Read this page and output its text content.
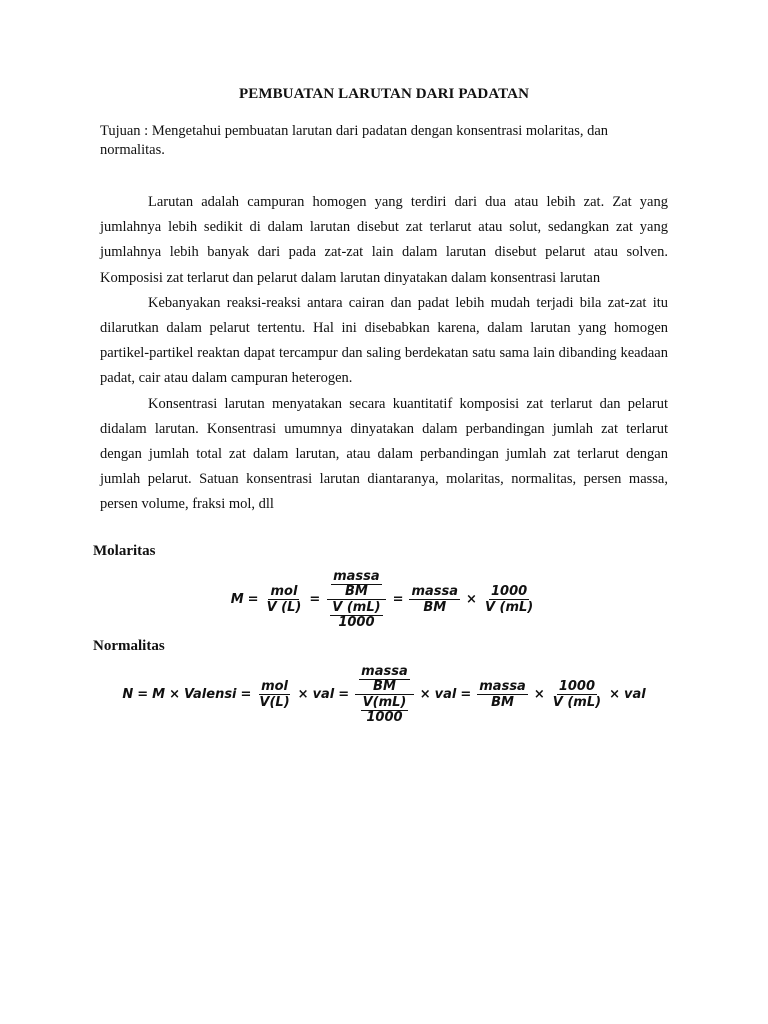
PEMBUATAN LARUTAN DARI PADATAN
Tujuan : Mengetahui pembuatan larutan dari padatan dengan konsentrasi molaritas, dan normalitas.

Larutan adalah campuran homogen yang terdiri dari dua atau lebih zat. Zat yang jumlahnya lebih sedikit di dalam larutan disebut zat terlarut atau solut, sedangkan zat yang jumlahnya lebih banyak dari pada zat-zat lain dalam larutan disebut pelarut atau solven. Komposisi zat terlarut dan pelarut dalam larutan dinyatakan dalam konsentrasi larutan

Kebanyakan reaksi-reaksi antara cairan dan padat lebih mudah terjadi bila zat-zat itu dilarutkan dalam pelarut tertentu. Hal ini disebabkan karena, dalam larutan yang homogen partikel-partikel reaktan dapat tercampur dan saling berdekatan satu sama lain dibanding keadaan padat, cair atau dalam campuran heterogen.

Konsentrasi larutan menyatakan secara kuantitatif komposisi zat terlarut dan pelarut didalam larutan. Konsentrasi umumnya dinyatakan dalam perbandingan jumlah zat terlarut dengan jumlah total zat dalam larutan, atau dalam perbandingan jumlah zat terlarut dengan jumlah pelarut. Satuan konsentrasi larutan diantaranya, molaritas, normalitas, persen massa, persen volume, fraksi mol, dll

Molaritas
$M = \frac{\text{mol}}{V (L)} = \frac{\frac{\text{massa}}{BM}}{\frac{V (mL)}{1000}} = \frac{\text{massa}}{BM} \times \frac{1000}{V (mL)}$
Normalitas
N = M × Valensi = $\frac{\text{mol}}{V(L)}$ × val = $\frac{\frac{\text{massa}}{BM}}{\frac{V(mL)}{1000}}$ × val = $\frac{\text{massa}}{BM} \times \frac{1000}{V (mL)}$ × val
